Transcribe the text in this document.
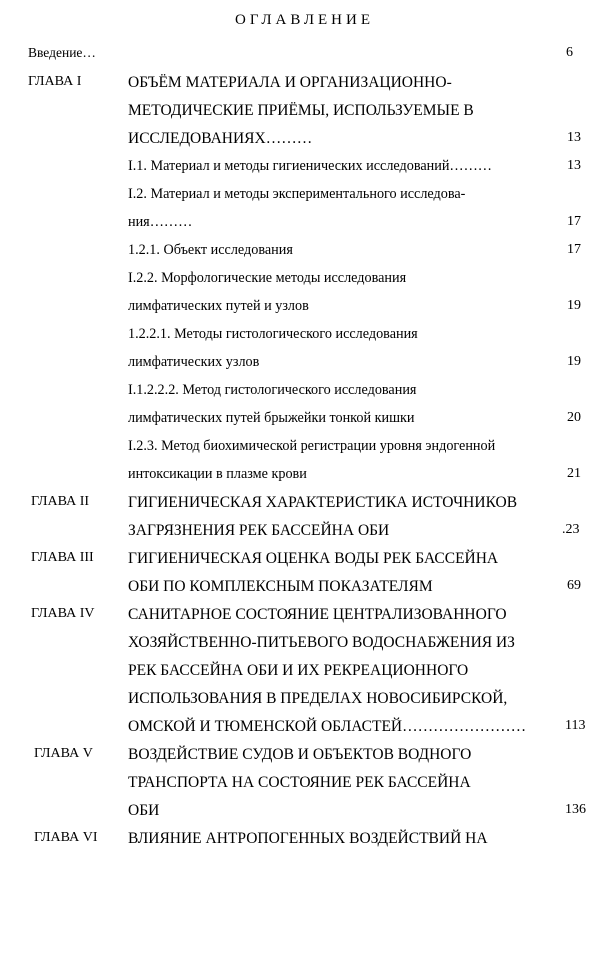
ОГЛАВЛЕНИЕ
Введение…	6
ГЛАВА I	ОБЪЁМ МАТЕРИАЛА И ОРГАНИЗАЦИОННО-
МЕТОДИЧЕСКИЕ ПРИЁМЫ, ИСПОЛЬЗУЕМЫЕ В
ИССЛЕДОВАНИЯХ………	13
I.1. Материал и методы гигиенических исследований………	13
I.2. Материал и методы экспериментального исследова-
ния………	17
1.2.1. Объект исследования	17
I.2.2. Морфологические методы исследования
лимфатических путей и узлов	19
1.2.2.1. Методы гистологического исследования
лимфатических узлов	19
I.1.2.2.2. Метод гистологического исследования
лимфатических путей брыжейки тонкой кишки	20
I.2.3. Метод биохимической регистрации уровня эндогенной
интоксикации в плазме крови	21
ГЛАВА II	ГИГИЕНИЧЕСКАЯ ХАРАКТЕРИСТИКА ИСТОЧНИКОВ
ЗАГРЯЗНЕНИЯ РЕК БАССЕЙНА ОБИ	.23
ГЛАВА III ГИГИЕНИЧЕСКАЯ ОЦЕНКА ВОДЫ РЕК БАССЕЙНА
ОБИ ПО КОМПЛЕКСНЫМ ПОКАЗАТЕЛЯМ	69
ГЛАВА IV САНИТАРНОЕ СОСТОЯНИЕ ЦЕНТРАЛИЗОВАННОГО
ХОЗЯЙСТВЕННО-ПИТЬЕВОГО ВОДОСНАБЖЕНИЯ ИЗ
РЕК БАССЕЙНА ОБИ И ИХ РЕКРЕАЦИОННОГО
ИСПОЛЬЗОВАНИЯ В ПРЕДЕЛАХ НОВОСИБИРСКОЙ,
ОМСКОЙ И ТЮМЕНСКОЙ ОБЛАСТЕЙ……………………	113
ГЛАВА V ВОЗДЕЙСТВИЕ СУДОВ И ОБЪЕКТОВ ВОДНОГО
ТРАНСПОРТА НА СОСТОЯНИЕ РЕК БАССЕЙНА
ОБИ	136
ГЛАВА VI ВЛИЯНИЕ АНТРОПОГЕННЫХ ВОЗДЕЙСТВИЙ НА
